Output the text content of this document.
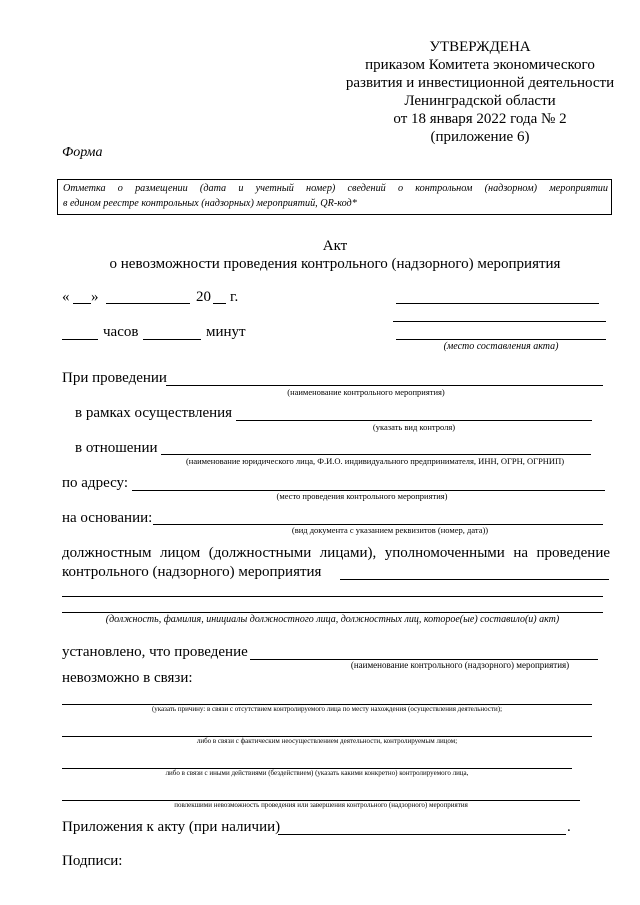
УТВЕРЖДЕНА
приказом Комитета экономического
развития и инвестиционной деятельности
Ленинградской области
от 18 января 2022 года № 2
(приложение 6)
Форма
Отметка о размещении (дата и учетный номер) сведений о контрольном (надзорном) мероприятии
в едином реестре контрольных (надзорных) мероприятий, QR-код*
Акт
о невозможности проведения контрольного (надзорного) мероприятия
« »	20 г.
часов	минут
(место составления акта)
При проведении
(наименование контрольного мероприятия)
в рамках осуществления
(указать вид контроля)
в отношении
(наименование юридического лица, Ф.И.О. индивидуального предпринимателя, ИНН, ОГРН, ОГРНИП)
по адресу:
(место проведения контрольного мероприятия)
на основании:
(вид документа с указанием реквизитов (номер, дата))
должностным лицом (должностными лицами), уполномоченными на проведение
контрольного (надзорного) мероприятия
(должность, фамилия, инициалы должностного лица, должностных лиц, которое(ые) составило(и) акт)
установлено, что проведение
(наименование контрольного (надзорного) мероприятия)
невозможно в связи:
(указать причину: в связи с отсутствием контролируемого лица по месту нахождения (осуществления деятельности);
либо в связи с фактическим неосуществлением деятельности, контролируемым лицом;
либо в связи с иными действиями (бездействием) (указать какими конкретно) контролируемого лица,
повлекшими невозможность проведения или завершения контрольного (надзорного) мероприятия
Приложения к акту (при наличии)	.
Подписи:
